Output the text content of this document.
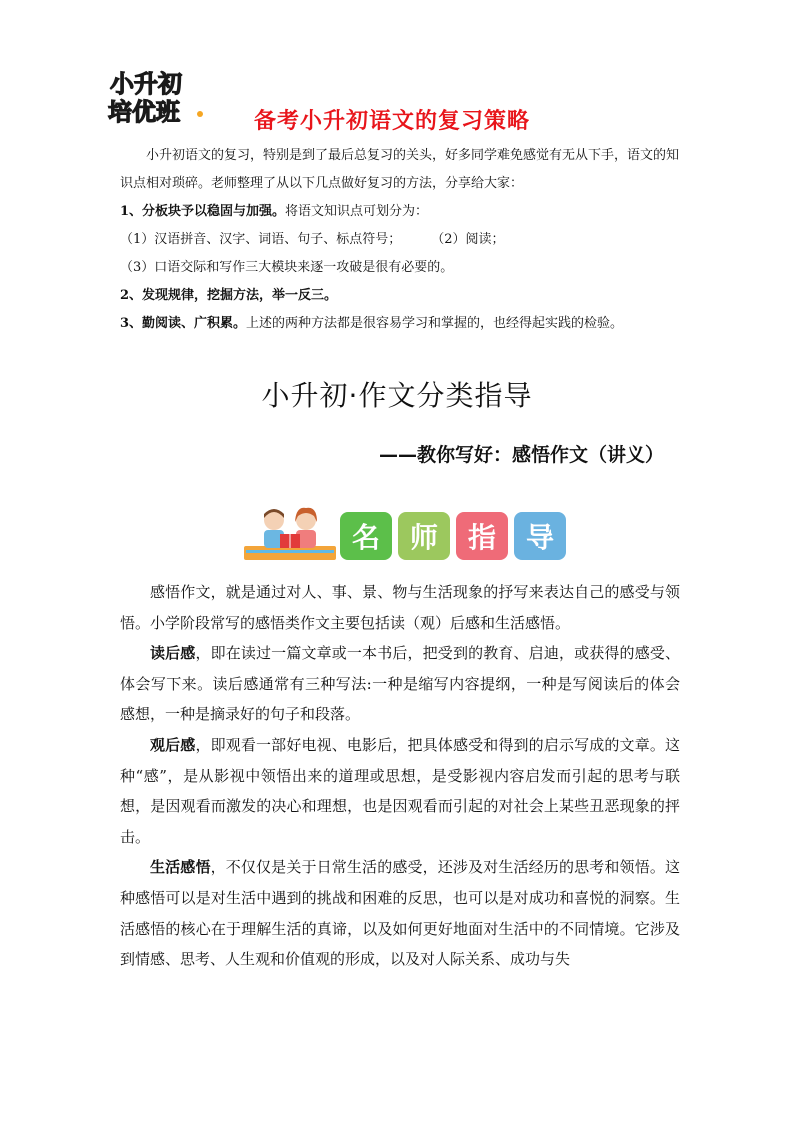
小升初
培优班	备考小升初语文的复习策略

小升初语文的复习，特别是到了最后总复习的关头，好多同学难免感觉有无从下手，语文的知识点相对琐碎。老师整理了从以下几点做好复习的方法，分享给大家：

1、分板块予以稳固与加强。将语文知识点可划分为：

（1）汉语拼音、汉字、词语、句子、标点符号； （2）阅读；

（3）口语交际和写作三大模块来逐一攻破是很有必要的。

2、发现规律，挖掘方法，举一反三。

3、勤阅读、广积累。上述的两种方法都是很容易学习和掌握的，也经得起实践的检验。

小升初·作文分类指导
——教你写好：感悟作文（讲义）
名	师	指	导

感悟作文，就是通过对人、事、景、物与生活现象的抒写来表达自己的感受与领悟。小学阶段常写的感悟类作文主要包括读（观）后感和生活感悟。

读后感，即在读过一篇文章或一本书后，把受到的教育、启迪，或获得的感受、体会写下来。读后感通常有三种写法:一种是缩写内容提纲，一种是写阅读后的体会感想，一种是摘录好的句子和段落。

观后感，即观看一部好电视、电影后，把具体感受和得到的启示写成的文章。这种“感”，是从影视中领悟出来的道理或思想，是受影视内容启发而引起的思考与联想，是因观看而激发的决心和理想，也是因观看而引起的对社会上某些丑恶现象的抨击。

生活感悟，不仅仅是关于日常生活的感受，还涉及对生活经历的思考和领悟。这种感悟可以是对生活中遇到的挑战和困难的反思，也可以是对成功和喜悦的洞察。生活感悟的核心在于理解生活的真谛，以及如何更好地面对生活中的不同情境。它涉及到情感、思考、人生观和价值观的形成，以及对人际关系、成功与失
